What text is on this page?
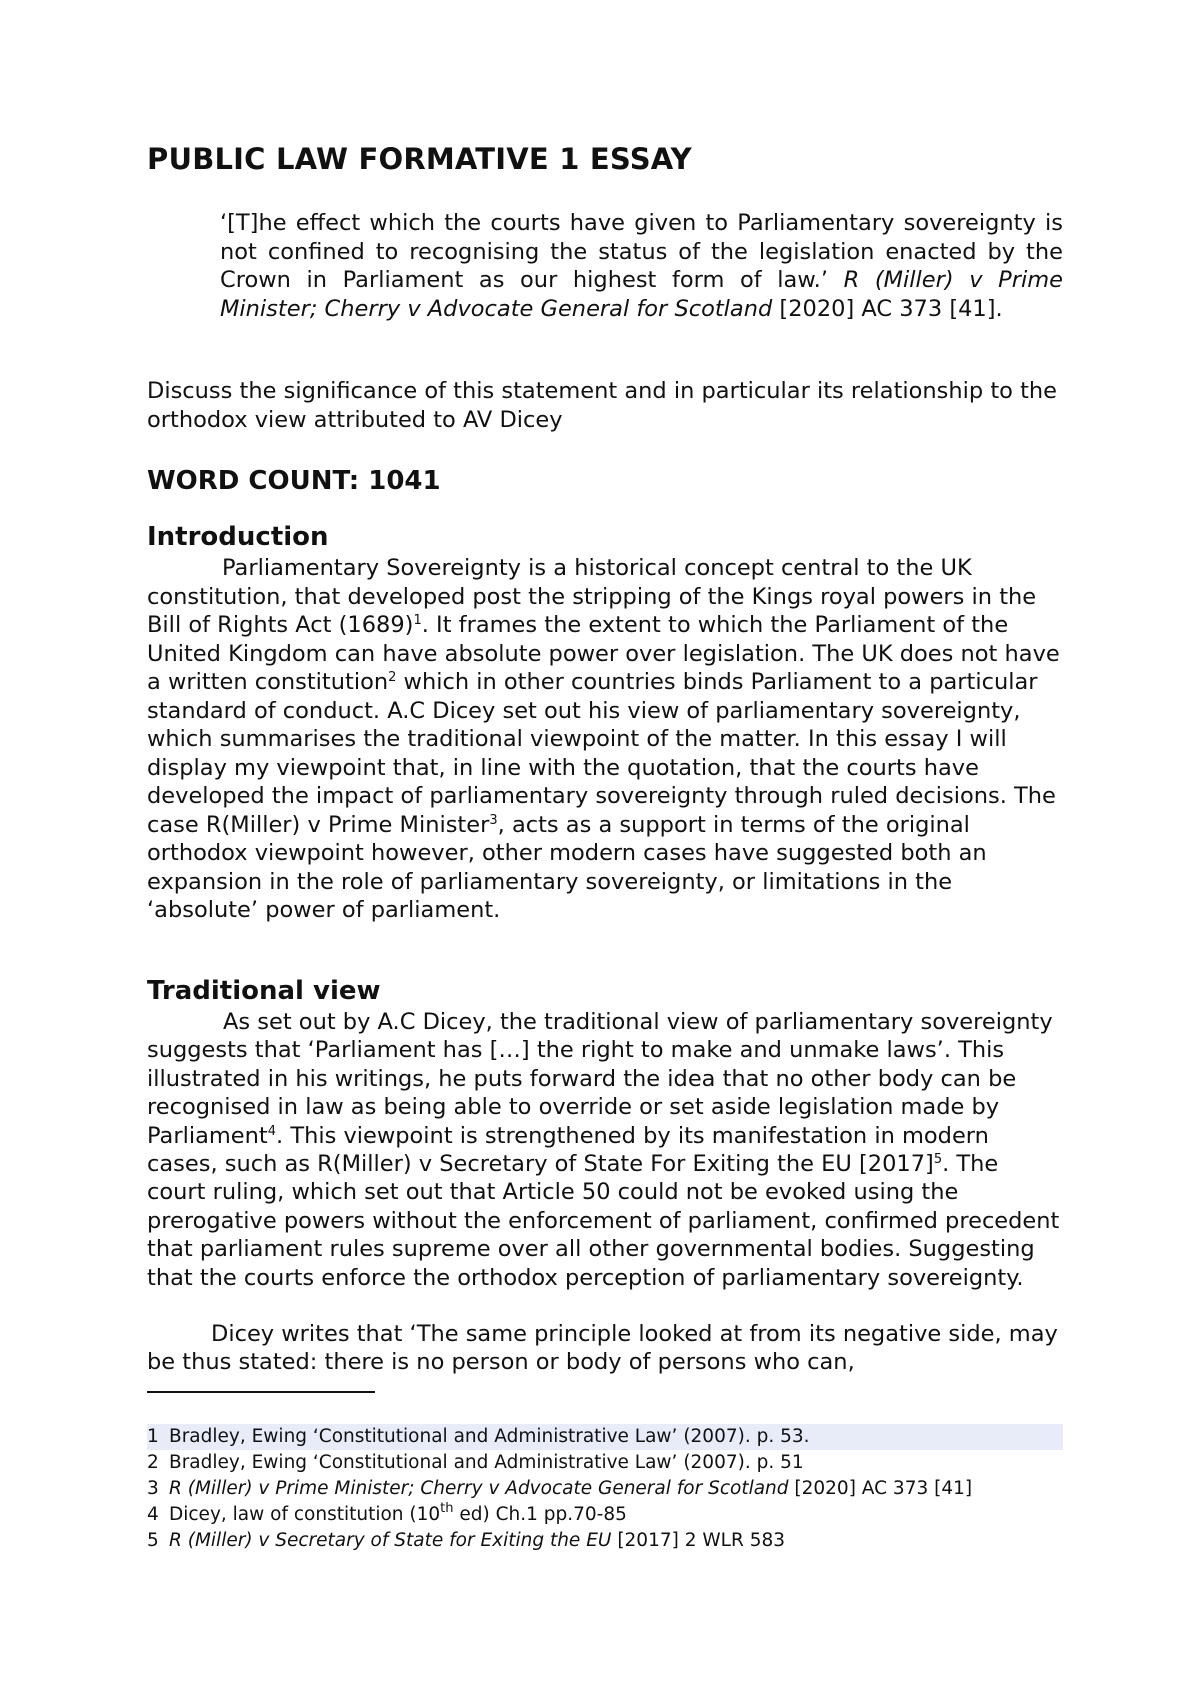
PUBLIC LAW FORMATIVE 1 ESSAY

‘[T]he effect which the courts have given to Parliamentary sovereignty is not confined to recognising the status of the legislation enacted by the Crown in Parliament as our highest form of law.’ R (Miller) v Prime Minister; Cherry v Advocate General for Scotland [2020] AC 373 [41].

Discuss the significance of this statement and in particular its relationship to the orthodox view attributed to AV Dicey

WORD COUNT: 1041

Introduction

Parliamentary Sovereignty is a historical concept central to the UK constitution, that developed post the stripping of the Kings royal powers in the Bill of Rights Act $(1689)^1$. It frames the extent to which the Parliament of the United Kingdom can have absolute power over legislation. The UK does not have a written constitution$^2$ which in other countries binds Parliament to a particular standard of conduct. A.C Dicey set out his view of parliamentary sovereignty, which summarises the traditional viewpoint of the matter. In this essay I will display my viewpoint that, in line with the quotation, that the courts have developed the impact of parliamentary sovereignty through ruled decisions. The case R(Miller) v Prime Minister$^3$, acts as a support in terms of the original orthodox viewpoint however, other modern cases have suggested both an expansion in the role of parliamentary sovereignty, or limitations in the ‘absolute’ power of parliament.

Traditional view

As set out by A.C Dicey, the traditional view of parliamentary sovereignty suggests that ‘Parliament has […] the right to make and unmake laws’. This illustrated in his writings, he puts forward the idea that no other body can be recognised in law as being able to override or set aside legislation made by Parliament$^4$. This viewpoint is strengthened by its manifestation in modern cases, such as R(Miller) v Secretary of State For Exiting the EU $[2017]^5$. The court ruling, which set out that Article 50 could not be evoked using the prerogative powers without the enforcement of parliament, confirmed precedent that parliament rules supreme over all other governmental bodies. Suggesting that the courts enforce the orthodox perception of parliamentary sovereignty.

Dicey writes that ‘The same principle looked at from its negative side, may be thus stated: there is no person or body of persons who can,

1 Bradley, Ewing ‘Constitutional and Administrative Law’ (2007). p. 53.

2 Bradley, Ewing ‘Constitutional and Administrative Law’ (2007). p. 51

3 R (Miller) v Prime Minister; Cherry v Advocate General for Scotland [2020] AC 373 [41]

4 Dicey, law of constitution (10th ed) Ch.1 pp.70-85

5 R (Miller) v Secretary of State for Exiting the EU [2017] 2 WLR 583
